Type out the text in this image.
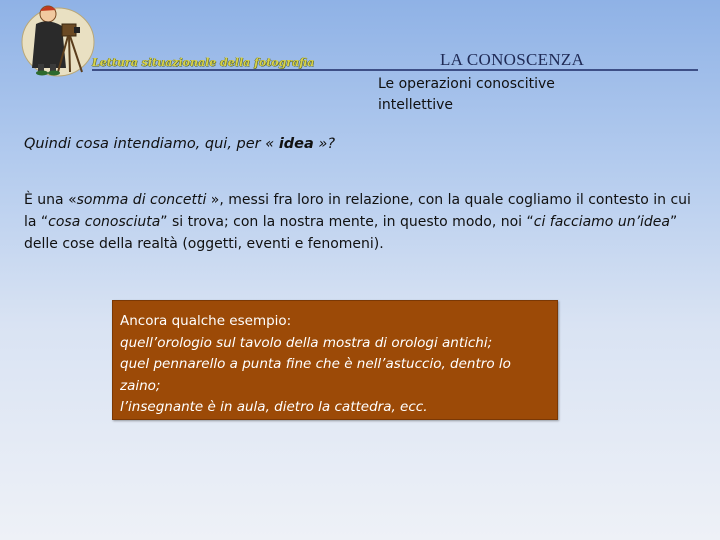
Lettura situazionale della fotografia	LA CONOSCENZA
Le operazioni conoscitive
intellettive
Quindi cosa intendiamo, qui, per « idea »?
È una «somma di concetti », messi fra loro in relazione, con la quale cogliamo il contesto in cui la “cosa conosciuta” si trova; con la nostra mente, in questo modo, noi “ci facciamo un’idea” delle cose della realtà (oggetti, eventi e fenomeni).
Ancora qualche esempio:
quell’orologio sul tavolo della mostra di orologi antichi;
quel pennarello a punta fine che è nell’astuccio, dentro lo
zaino;
l’insegnante è in aula, dietro la cattedra, ecc.
